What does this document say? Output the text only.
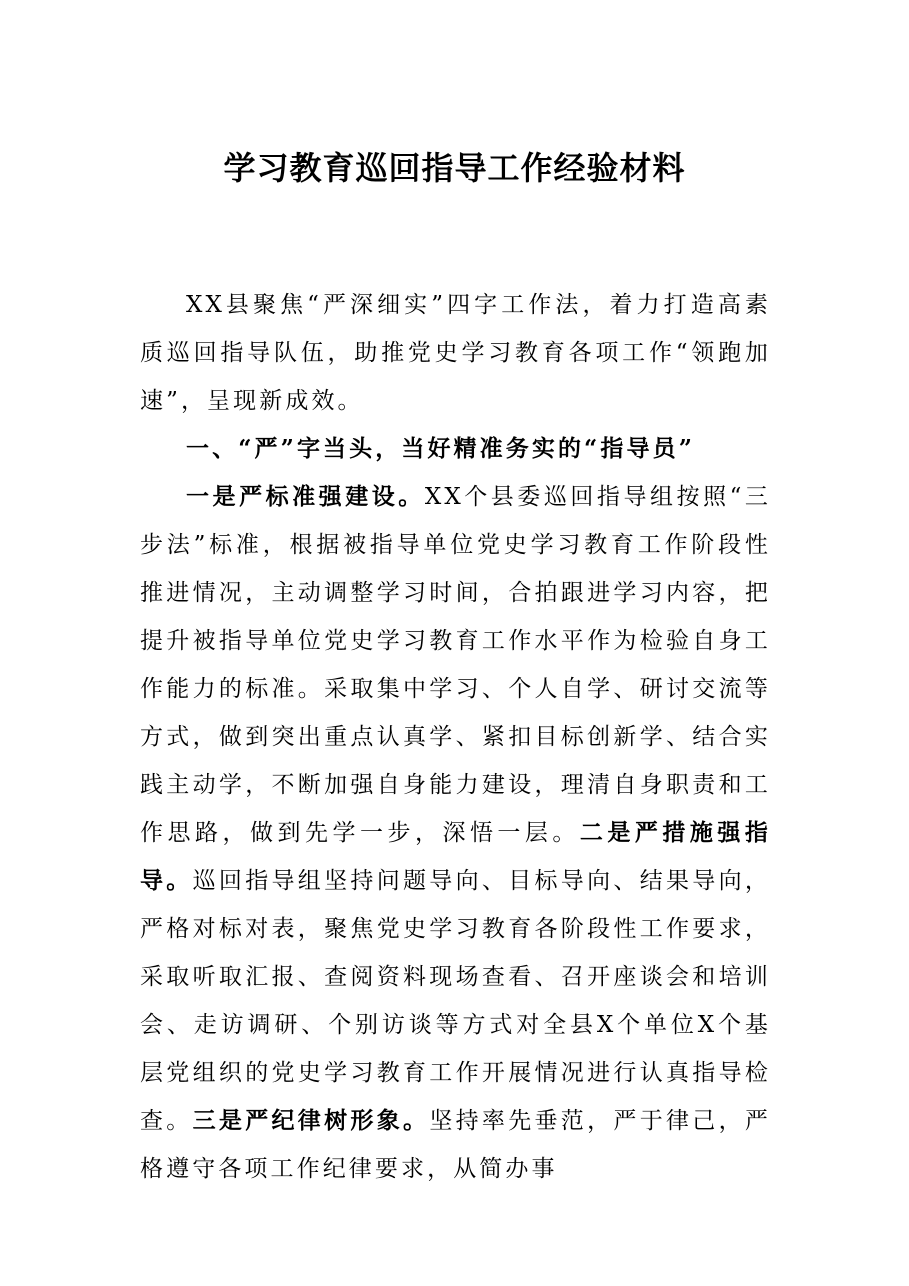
学习教育巡回指导工作经验材料

XX县聚焦“严深细实”四字工作法，着力打造高素质巡回指导队伍，助推党史学习教育各项工作“领跑加速”，呈现新成效。

一、“严”字当头，当好精准务实的“指导员”

一是严标准强建设。XX个县委巡回指导组按照“三步法”标准，根据被指导单位党史学习教育工作阶段性推进情况，主动调整学习时间，合拍跟进学习内容，把提升被指导单位党史学习教育工作水平作为检验自身工作能力的标准。采取集中学习、个人自学、研讨交流等方式，做到突出重点认真学、紧扣目标创新学、结合实践主动学，不断加强自身能力建设，理清自身职责和工作思路，做到先学一步，深悟一层。二是严措施强指导。巡回指导组坚持问题导向、目标导向、结果导向，严格对标对表，聚焦党史学习教育各阶段性工作要求，采取听取汇报、查阅资料现场查看、召开座谈会和培训会、走访调研、个别访谈等方式对全县X个单位X个基层党组织的党史学习教育工作开展情况进行认真指导检查。三是严纪律树形象。坚持率先垂范，严于律己，严格遵守各项工作纪律要求，从简办事
